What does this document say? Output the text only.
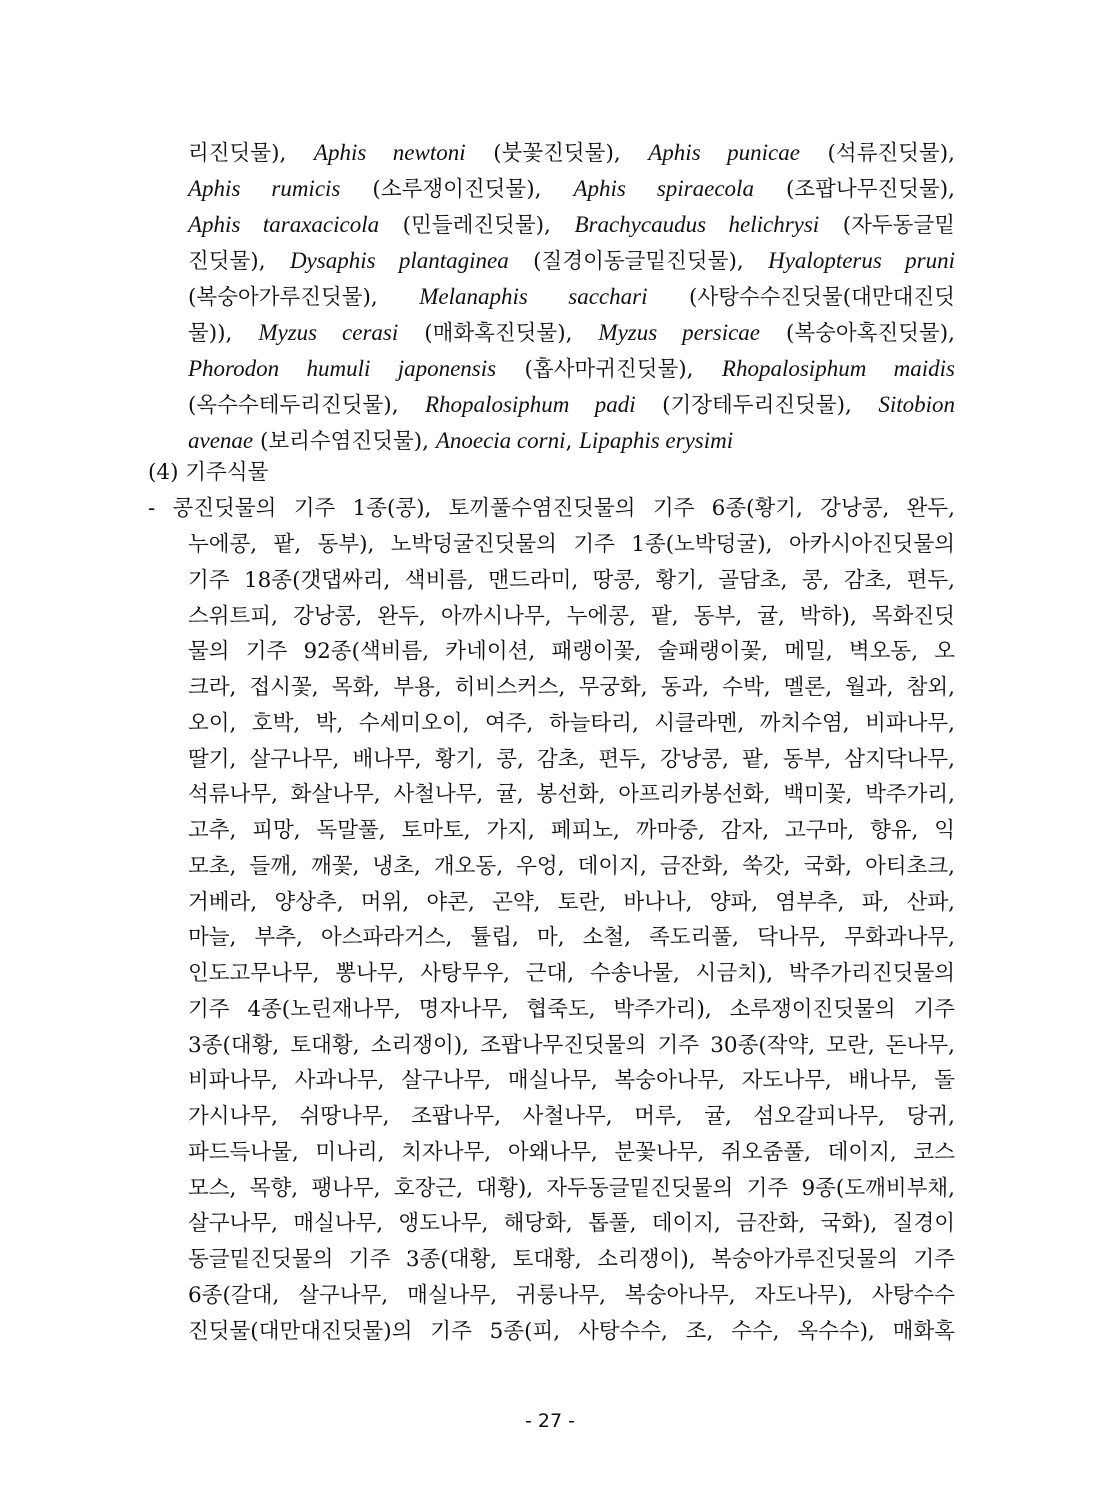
리진딧물), Aphis newtoni (붓꽃진딧물), Aphis punicae (석류진딧물),
Aphis rumicis (소루쟁이진딧물), Aphis spiraecola (조팝나무진딧물),
Aphis taraxacicola (민들레진딧물), Brachycaudus helichrysi (자두동글밑
진딧물), Dysaphis plantaginea (질경이동글밑진딧물), Hyalopterus pruni
(복숭아가루진딧물), Melanaphis sacchari (사탕수수진딧물(대만대진딧
물)), Myzus cerasi (매화혹진딧물), Myzus persicae (복숭아혹진딧물),
Phorodon humuli japonensis (홉사마귀진딧물), Rhopalosiphum maidis
(옥수수테두리진딧물), Rhopalosiphum padi (기장테두리진딧물), Sitobion
avenae (보리수염진딧물), Anoecia corni, Lipaphis erysimi
(4) 기주식물
- 콩진딧물의 기주 1종(콩), 토끼풀수염진딧물의 기주 6종(황기, 강낭콩, 완두,
누에콩, 팥, 동부), 노박덩굴진딧물의 기주 1종(노박덩굴), 아카시아진딧물의
기주 18종(갯댑싸리, 색비름, 맨드라미, 땅콩, 황기, 골담초, 콩, 감초, 편두,
스위트피, 강낭콩, 완두, 아까시나무, 누에콩, 팥, 동부, 귤, 박하), 목화진딧
물의 기주 92종(색비름, 카네이션, 패랭이꽃, 술패랭이꽃, 메밀, 벽오동, 오
크라, 접시꽃, 목화, 부용, 히비스커스, 무궁화, 동과, 수박, 멜론, 월과, 참외,
오이, 호박, 박, 수세미오이, 여주, 하늘타리, 시클라멘, 까치수염, 비파나무,
딸기, 살구나무, 배나무, 황기, 콩, 감초, 편두, 강낭콩, 팥, 동부, 삼지닥나무,
석류나무, 화살나무, 사철나무, 귤, 봉선화, 아프리카봉선화, 백미꽃, 박주가리,
고추, 피망, 독말풀, 토마토, 가지, 페피노, 까마중, 감자, 고구마, 향유, 익
모초, 들깨, 깨꽃, 냉초, 개오동, 우엉, 데이지, 금잔화, 쑥갓, 국화, 아티초크,
거베라, 양상추, 머위, 야콘, 곤약, 토란, 바나나, 양파, 염부추, 파, 산파,
마늘, 부추, 아스파라거스, 튤립, 마, 소철, 족도리풀, 닥나무, 무화과나무,
인도고무나무, 뽕나무, 사탕무우, 근대, 수송나물, 시금치), 박주가리진딧물의
기주 4종(노린재나무, 명자나무, 협죽도, 박주가리), 소루쟁이진딧물의 기주
3종(대황, 토대황, 소리쟁이), 조팝나무진딧물의 기주 30종(작약, 모란, 돈나무,
비파나무, 사과나무, 살구나무, 매실나무, 복숭아나무, 자도나무, 배나무, 돌
가시나무, 쉬땅나무, 조팝나무, 사철나무, 머루, 귤, 섬오갈피나무, 당귀,
파드득나물, 미나리, 치자나무, 아왜나무, 분꽃나무, 쥐오줌풀, 데이지, 코스
모스, 목향, 팽나무, 호장근, 대황), 자두동글밑진딧물의 기주 9종(도깨비부채,
살구나무, 매실나무, 앵도나무, 해당화, 톱풀, 데이지, 금잔화, 국화), 질경이
동글밑진딧물의 기주 3종(대황, 토대황, 소리쟁이), 복숭아가루진딧물의 기주
6종(갈대, 살구나무, 매실나무, 귀룽나무, 복숭아나무, 자도나무), 사탕수수
진딧물(대만대진딧물)의 기주 5종(피, 사탕수수, 조, 수수, 옥수수), 매화혹
- 27 -
